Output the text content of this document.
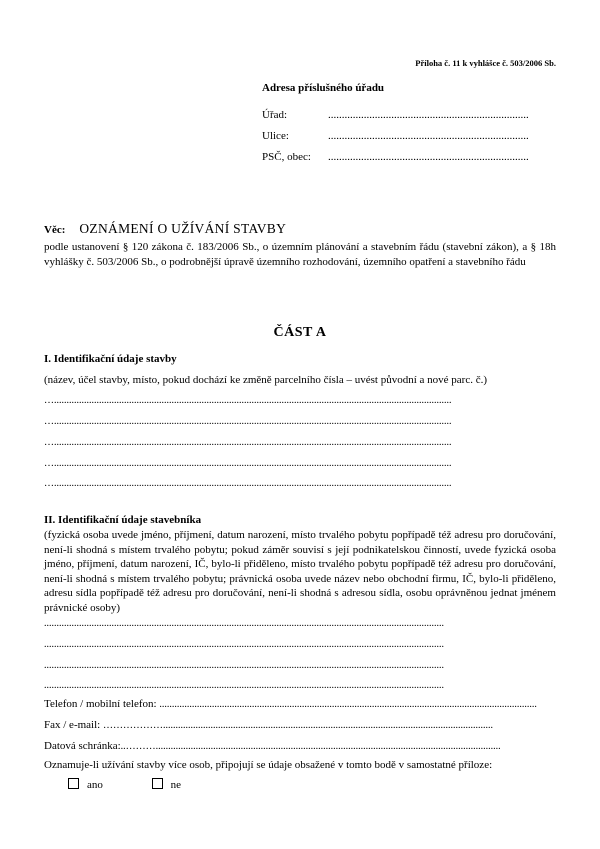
Příloha č. 11 k vyhlášce č. 503/2006 Sb.
Adresa příslušného úřadu
Úřad:	.........................................................................
Ulice:	.........................................................................
PSČ, obec: .........................................................................
Věc: OZNÁMENÍ O UŽÍVÁNÍ STAVBY
podle ustanovení § 120 zákona č. 183/2006 Sb., o územním plánování a stavebním řádu (stavební zákon), a § 18h vyhlášky č. 503/2006 Sb., o podrobnější úpravě územního rozhodování, územního opatření a stavebního řádu
ČÁST A
I. Identifikační údaje stavby
(název, účel stavby, místo, pokud dochází ke změně parcelního čísla – uvést původní a nové parc. č.)
…...............................................................................................................................................................
…...............................................................................................................................................................
…...............................................................................................................................................................
…...............................................................................................................................................................
…...............................................................................................................................................................
II. Identifikační údaje stavebníka
(fyzická osoba uvede jméno, příjmení, datum narození, místo trvalého pobytu popřípadě též adresu pro doručování, není-li shodná s místem trvalého pobytu; pokud záměr souvisí s její podnikatelskou činností, uvede fyzická osoba jméno, příjmení, datum narození, IČ, bylo-li přiděleno, místo trvalého pobytu popřípadě též adresu pro doručování, není-li shodná s místem trvalého pobytu; právnická osoba uvede název nebo obchodní firmu, IČ, bylo-li přiděleno, adresu sídla popřípadě též adresu pro doručování, není-li shodná s adresou sídla, osobu oprávněnou jednat jménem právnické osoby)
................................................................................................................................................................
................................................................................................................................................................
................................................................................................................................................................
................................................................................................................................................................
Telefon / mobilní telefon: .......................................................................................................................................................
Fax / e-mail: ………………....................................................................................................................................
Datová schránka:..………..........................................................................................................................................
Oznamuje-li užívání stavby více osob, připojují se údaje obsažené v tomto bodě v samostatné příloze:
ano	ne
